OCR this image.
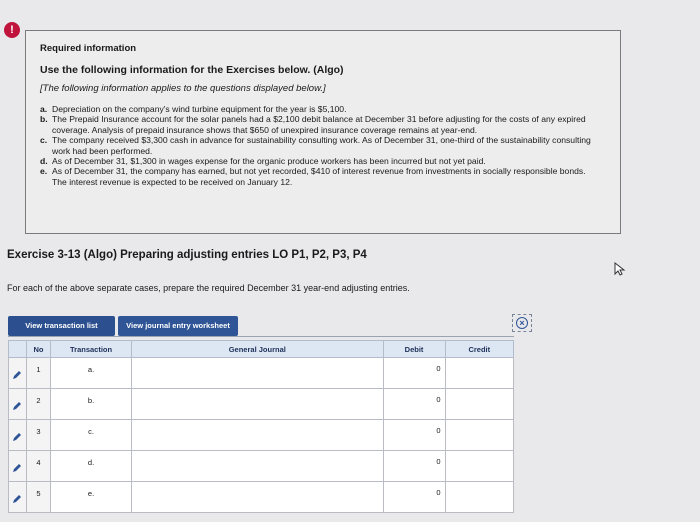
!
Required information
Use the following information for the Exercises below. (Algo)
[The following information applies to the questions displayed below.]
a. Depreciation on the company's wind turbine equipment for the year is $5,100.
b. The Prepaid Insurance account for the solar panels had a $2,100 debit balance at December 31 before adjusting for the costs of any expired coverage. Analysis of prepaid insurance shows that $650 of unexpired insurance coverage remains at year-end.
c. The company received $3,300 cash in advance for sustainability consulting work. As of December 31, one-third of the sustainability consulting work had been performed.
d. As of December 31, $1,300 in wages expense for the organic produce workers has been incurred but not yet paid.
e. As of December 31, the company has earned, but not yet recorded, $410 of interest revenue from investments in socially responsible bonds. The interest revenue is expected to be received on January 12.
Exercise 3-13 (Algo) Preparing adjusting entries LO P1, P2, P3, P4
For each of the above separate cases, prepare the required December 31 year-end adjusting entries.
View transaction list	View journal entry worksheet	×
	No	Transaction	General Journal	Debit	Credit

1	a.		0	

2	b.		0	

3	c.		0	

4	d.		0	

5	e.		0	
